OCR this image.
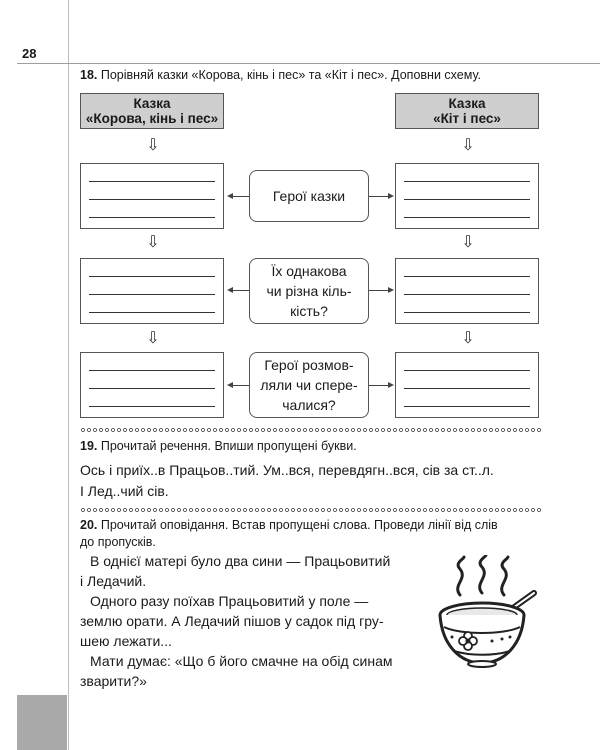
28
18. Порівняй казки «Корова, кінь і пес» та «Кіт і пес». Доповни схему.
Казка
«Корова, кінь і пес»
Казка
«Кіт і пес»
⇩	⇩
⇩	⇩
⇩	⇩
Герої казки
Їх однакова
чи різна кіль-
кість?
Герої розмов-
ляли чи спере-
чалися?
19. Прочитай речення. Впиши пропущені букви.
Ось і приїх..в Працьов..тий. Ум..вся, перевдягн..вся, сів за ст..л.
І Лед..чий сів.
20. Прочитай оповідання. Встав пропущені слова. Проведи лінії від слів
до пропусків.
В однієї матері було два сини — Працьовитий
і Ледачий.
Одного разу поїхав Працьовитий у поле —
землю орати. А Ледачий пішов у садок під гру-
шею лежати...
Мати думає: «Що б його смачне на обід синам
зварити?»
